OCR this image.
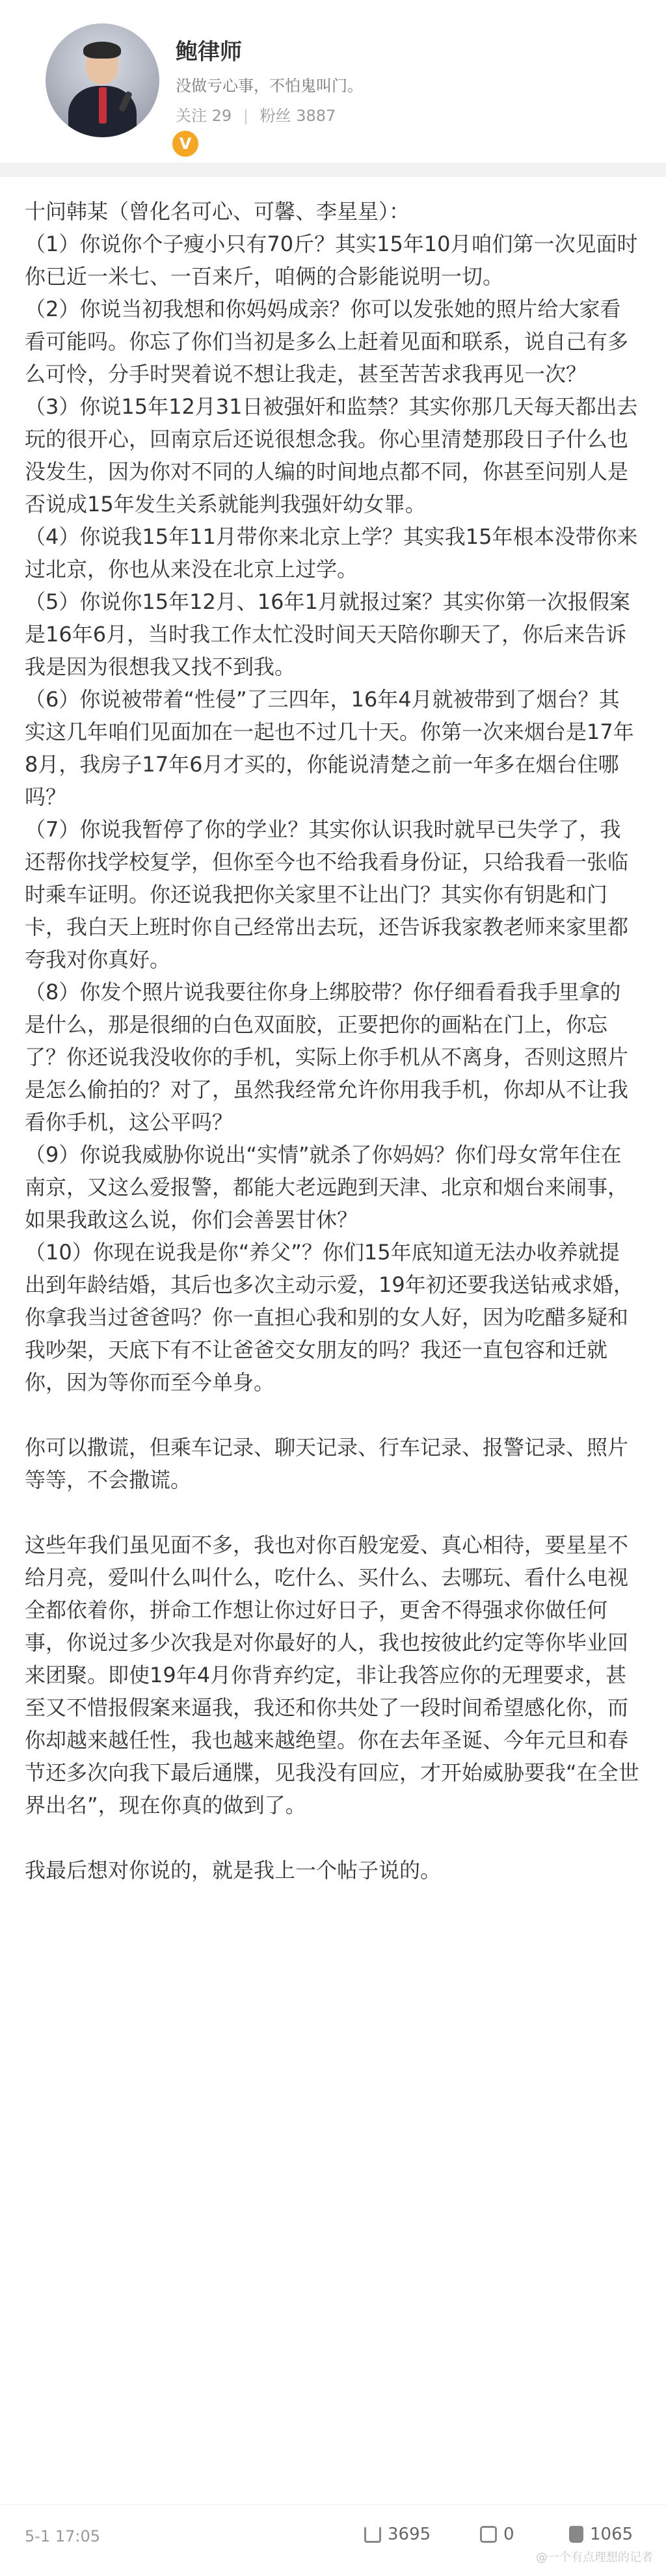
V
鲍律师
没做亏心事，不怕鬼叫门。
关注 29 | 粉丝 3887

十问韩某（曾化名可心、可馨、李星星）：

（1）你说你个子瘦小只有70斤？其实15年10月咱们第一次见面时你已近一米七、一百来斤，咱俩的合影能说明一切。

（2）你说当初我想和你妈妈成亲？你可以发张她的照片给大家看看可能吗。你忘了你们当初是多么上赶着见面和联系，说自己有多么可怜，分手时哭着说不想让我走，甚至苦苦求我再见一次？

（3）你说15年12月31日被强奸和监禁？其实你那几天每天都出去玩的很开心，回南京后还说很想念我。你心里清楚那段日子什么也没发生，因为你对不同的人编的时间地点都不同，你甚至问别人是否说成15年发生关系就能判我强奸幼女罪。

（4）你说我15年11月带你来北京上学？其实我15年根本没带你来过北京，你也从来没在北京上过学。

（5）你说你15年12月、16年1月就报过案？其实你第一次报假案是16年6月，当时我工作太忙没时间天天陪你聊天了，你后来告诉我是因为很想我又找不到我。

（6）你说被带着“性侵”了三四年，16年4月就被带到了烟台？其实这几年咱们见面加在一起也不过几十天。你第一次来烟台是17年8月，我房子17年6月才买的，你能说清楚之前一年多在烟台住哪吗？

（7）你说我暂停了你的学业？其实你认识我时就早已失学了，我还帮你找学校复学，但你至今也不给我看身份证，只给我看一张临时乘车证明。你还说我把你关家里不让出门？其实你有钥匙和门卡，我白天上班时你自己经常出去玩，还告诉我家教老师来家里都夸我对你真好。

（8）你发个照片说我要往你身上绑胶带？你仔细看看我手里拿的是什么，那是很细的白色双面胶，正要把你的画粘在门上，你忘了？你还说我没收你的手机，实际上你手机从不离身，否则这照片是怎么偷拍的？对了，虽然我经常允许你用我手机，你却从不让我看你手机，这公平吗？

（9）你说我威胁你说出“实情”就杀了你妈妈？你们母女常年住在南京，又这么爱报警，都能大老远跑到天津、北京和烟台来闹事，如果我敢这么说，你们会善罢甘休？

（10）你现在说我是你“养父”？你们15年底知道无法办收养就提出到年龄结婚，其后也多次主动示爱，19年初还要我送钻戒求婚，你拿我当过爸爸吗？你一直担心我和别的女人好，因为吃醋多疑和我吵架，天底下有不让爸爸交女朋友的吗？我还一直包容和迁就你，因为等你而至今单身。

你可以撒谎，但乘车记录、聊天记录、行车记录、报警记录、照片等等，不会撒谎。

这些年我们虽见面不多，我也对你百般宠爱、真心相待，要星星不给月亮，爱叫什么叫什么，吃什么、买什么、去哪玩、看什么电视全都依着你，拼命工作想让你过好日子，更舍不得强求你做任何事，你说过多少次我是对你最好的人，我也按彼此约定等你毕业回来团聚。即使19年4月你背弃约定，非让我答应你的无理要求，甚至又不惜报假案来逼我，我还和你共处了一段时间希望感化你，而你却越来越任性，我也越来越绝望。你在去年圣诞、今年元旦和春节还多次向我下最后通牒，见我没有回应，才开始威胁要我“在全世界出名”，现在你真的做到了。

我最后想对你说的，就是我上一个帖子说的。

5-1 17:05	3695	0	1065
@一个有点理想的记者
